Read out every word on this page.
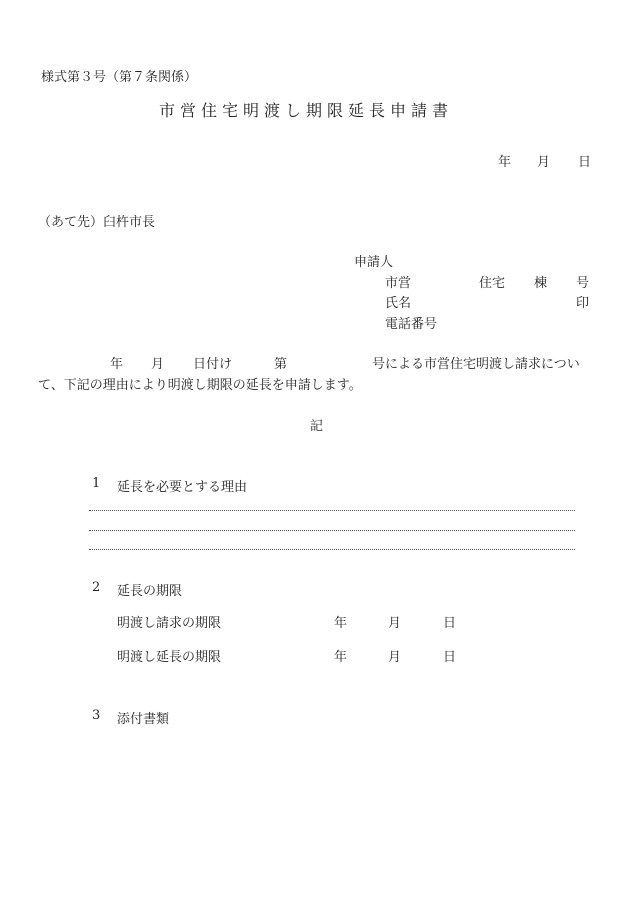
様式第３号（第７条関係）
市営住宅明渡し期限延長申請書
年 月 日
（あて先）臼杵市長
申請人
市営	住宅 棟 号
氏名	印
電話番号
年 月 日付け	第	号による市営住宅明渡し請求につい
て、下記の理由により明渡し期限の延長を申請します。
記
1 延長を必要とする理由
2 延長の期限
明渡し請求の期限	年	月	日
明渡し延長の期限	年	月	日
3 添付書類
